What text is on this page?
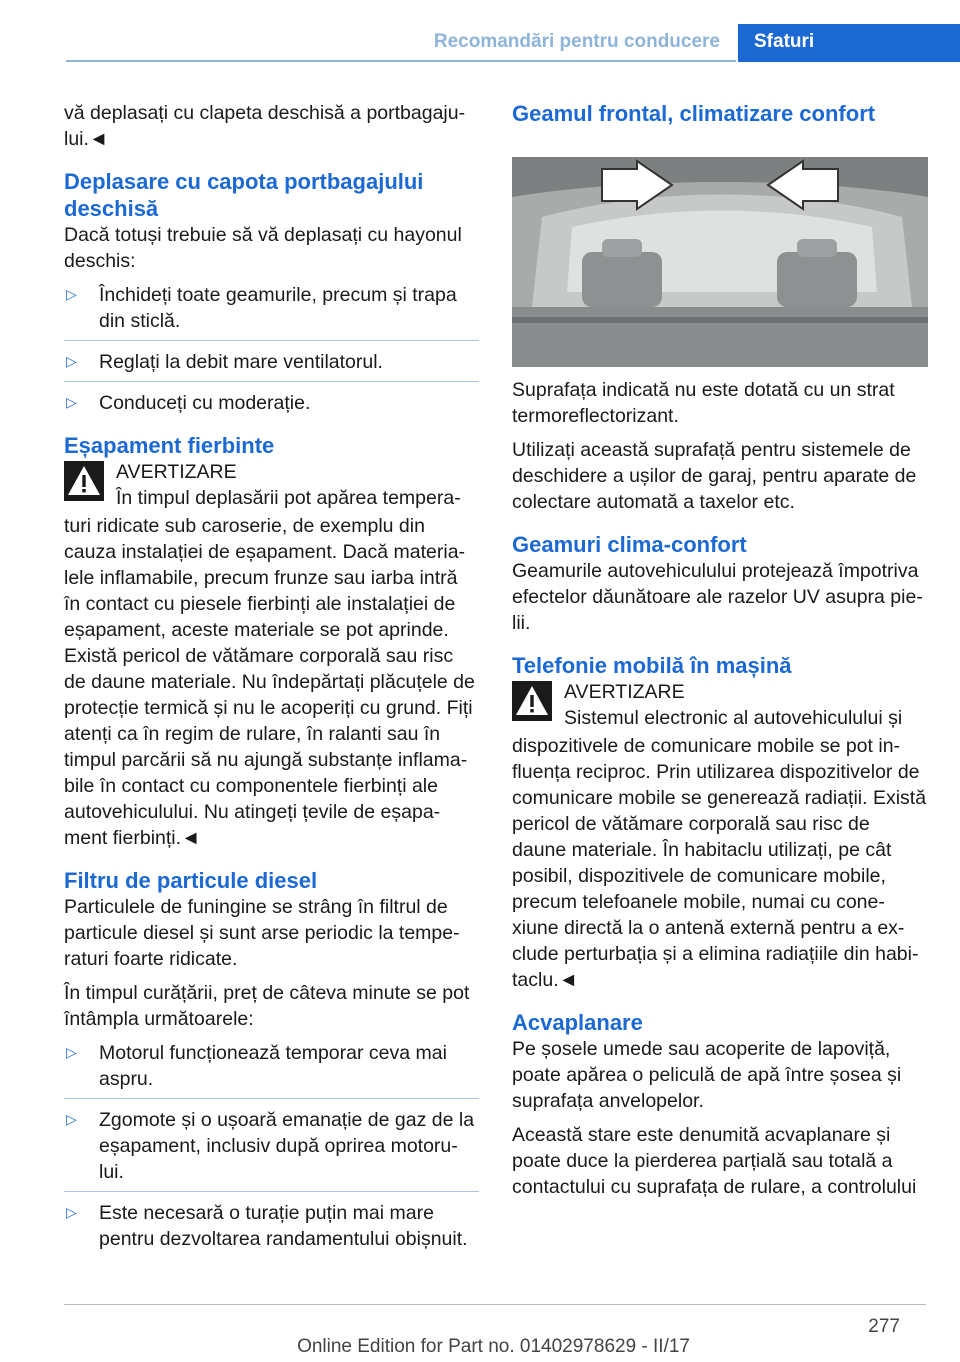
Recomandări pentru conducere Sfaturi

vă deplasați cu clapeta deschisă a portbagaju-lui.◄

Deplasare cu capota portbagajului deschisă

Dacă totuși trebuie să vă deplasați cu hayonul deschis:

▷ Închideți toate geamurile, precum și trapa din sticlă.
▷ Reglați la debit mare ventilatorul.
▷ Conduceți cu moderație.
Eșapament fierbinte
AVERTIZARE
În timpul deplasării pot apărea tempera-

turi ridicate sub caroserie, de exemplu din cauza instalației de eșapament. Dacă materia-lele inflamabile, precum frunze sau iarba intră în contact cu piesele fierbinți ale instalației de eșapament, aceste materiale se pot aprinde. Există pericol de vătămare corporală sau risc de daune materiale. Nu îndepărtați plăcuțele de protecție termică și nu le acoperiți cu grund. Fiți atenți ca în regim de rulare, în ralanti sau în timpul parcării să nu ajungă substanțe inflama-bile în contact cu componentele fierbinți ale autovehiculului. Nu atingeți țevile de eșapa-ment fierbinți.◄

Filtru de particule diesel

Particulele de funingine se strâng în filtrul de particule diesel și sunt arse periodic la tempe-raturi foarte ridicate.

În timpul curățării, preț de câteva minute se pot întâmpla următoarele:

▷ Motorul funcționează temporar ceva mai aspru.
▷ Zgomote și o ușoară emanație de gaz de la eșapament, inclusiv după oprirea motoru-lui.
▷ Este necesară o turație puțin mai mare pentru dezvoltarea randamentului obișnuit.
Geamul frontal, climatizare confort

Suprafața indicată nu este dotată cu un strat termoreflectorizant.

Utilizați această suprafață pentru sistemele de deschidere a ușilor de garaj, pentru aparate de colectare automată a taxelor etc.

Geamuri clima-confort

Geamurile autovehiculului protejează împotriva efectelor dăunătoare ale razelor UV asupra pie-lii.

Telefonie mobilă în mașină
AVERTIZARE
Sistemul electronic al autovehiculului și

dispozitivele de comunicare mobile se pot in-fluența reciproc. Prin utilizarea dispozitivelor de comunicare mobile se generează radiații. Există pericol de vătămare corporală sau risc de daune materiale. În habitaclu utilizați, pe cât posibil, dispozitivele de comunicare mobile, precum telefoanele mobile, numai cu cone-xiune directă la o antenă externă pentru a ex-clude perturbația și a elimina radiațiile din habi-taclu.◄

Acvaplanare

Pe șosele umede sau acoperite de lapoviță, poate apărea o peliculă de apă între șosea și suprafața anvelopelor.

Această stare este denumită acvaplanare și poate duce la pierderea parțială sau totală a contactului cu suprafața de rulare, a controlului

277
Online Edition for Part no. 01402978629 - II/17
